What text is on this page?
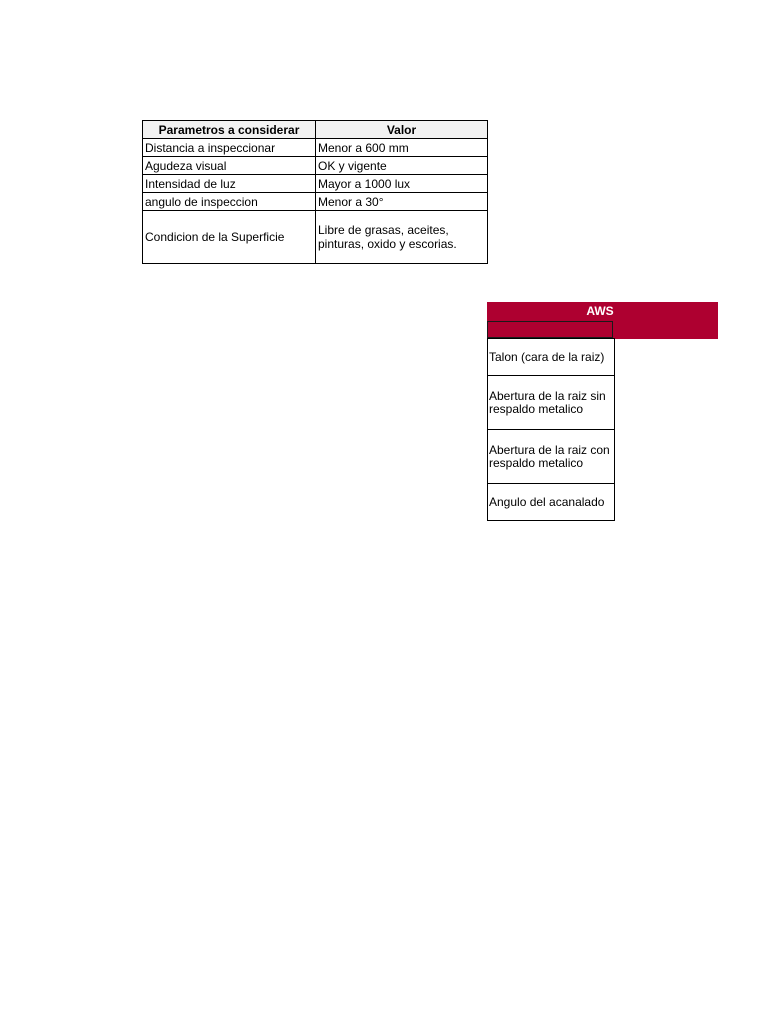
Parametros a considerar	Valor
Distancia a inspeccionar	Menor a 600 mm
Agudeza visual	OK y vigente
Intensidad de luz	Mayor a 1000 lux
angulo de inspeccion	Menor a 30°
Condicion de la Superficie	Libre de grasas, aceites, pinturas, oxido y escorias.
AWS
Talon (cara de la raiz)
Abertura de la raiz sin respaldo metalico
Abertura de la raiz con respaldo metalico
Angulo del acanalado
